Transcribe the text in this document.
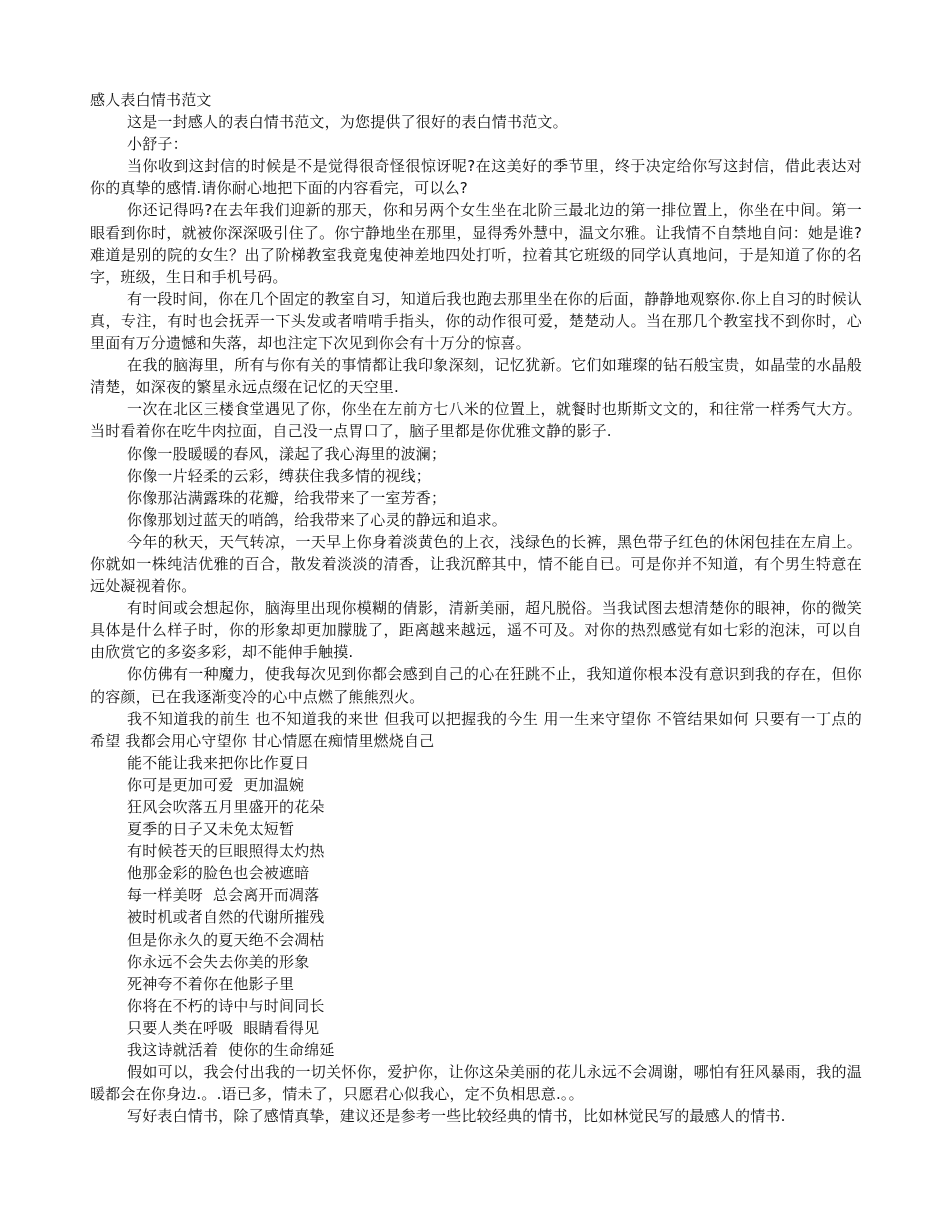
感人表白情书范文

这是一封感人的表白情书范文，为您提供了很好的表白情书范文。

小舒子：

当你收到这封信的时候是不是觉得很奇怪很惊讶呢?在这美好的季节里，终于决定给你写这封信，借此表达对你的真挚的感情.请你耐心地把下面的内容看完，可以么?

你还记得吗?在去年我们迎新的那天，你和另两个女生坐在北阶三最北边的第一排位置上，你坐在中间。第一眼看到你时，就被你深深吸引住了。你宁静地坐在那里，显得秀外慧中，温文尔雅。让我情不自禁地自问：她是谁?难道是别的院的女生？出了阶梯教室我竟鬼使神差地四处打听，拉着其它班级的同学认真地问，于是知道了你的名字，班级，生日和手机号码。

有一段时间，你在几个固定的教室自习，知道后我也跑去那里坐在你的后面，静静地观察你.你上自习的时候认真，专注，有时也会抚弄一下头发或者啃啃手指头，你的动作很可爱，楚楚动人。当在那几个教室找不到你时，心里面有万分遗憾和失落，却也注定下次见到你会有十万分的惊喜。

在我的脑海里，所有与你有关的事情都让我印象深刻，记忆犹新。它们如璀璨的钻石般宝贵，如晶莹的水晶般清楚，如深夜的繁星永远点缀在记忆的天空里.

一次在北区三楼食堂遇见了你，你坐在左前方七八米的位置上，就餐时也斯斯文文的，和往常一样秀气大方。当时看着你在吃牛肉拉面，自己没一点胃口了，脑子里都是你优雅文静的影子.

你像一股暖暖的春风，漾起了我心海里的波澜；

你像一片轻柔的云彩，缚获住我多情的视线；

你像那沾满露珠的花瓣，给我带来了一室芳香；

你像那划过蓝天的哨鸽，给我带来了心灵的静远和追求。

今年的秋天，天气转凉，一天早上你身着淡黄色的上衣，浅绿色的长裤，黑色带子红色的休闲包挂在左肩上。你就如一株纯洁优雅的百合，散发着淡淡的清香，让我沉醉其中，情不能自已。可是你并不知道，有个男生特意在远处凝视着你。

有时间或会想起你，脑海里出现你模糊的倩影，清新美丽，超凡脱俗。当我试图去想清楚你的眼神，你的微笑具体是什么样子时，你的形象却更加朦胧了，距离越来越远，遥不可及。对你的热烈感觉有如七彩的泡沫，可以自由欣赏它的多姿多彩，却不能伸手触摸.

你仿佛有一种魔力，使我每次见到你都会感到自己的心在狂跳不止，我知道你根本没有意识到我的存在，但你的容颜，已在我逐渐变冷的心中点燃了熊熊烈火。

我不知道我的前生 也不知道我的来世 但我可以把握我的今生 用一生来守望你 不管结果如何 只要有一丁点的希望 我都会用心守望你 甘心情愿在痴情里燃烧自己

能不能让我来把你比作夏日

你可是更加可爱  更加温婉

狂风会吹落五月里盛开的花朵

夏季的日子又未免太短暂

有时候苍天的巨眼照得太灼热

他那金彩的脸色也会被遮暗

每一样美呀  总会离开而凋落

被时机或者自然的代谢所摧残

但是你永久的夏天绝不会凋枯

你永远不会失去你美的形象

死神夸不着你在他影子里

你将在不朽的诗中与时间同长

只要人类在呼吸  眼睛看得见

我这诗就活着  使你的生命绵延

假如可以，我会付出我的一切关怀你，爱护你，让你这朵美丽的花儿永远不会凋谢，哪怕有狂风暴雨，我的温暖都会在你身边.。.语已多，情未了，只愿君心似我心，定不负相思意.。。

写好表白情书，除了感情真挚，建议还是参考一些比较经典的情书，比如林觉民写的最感人的情书.
